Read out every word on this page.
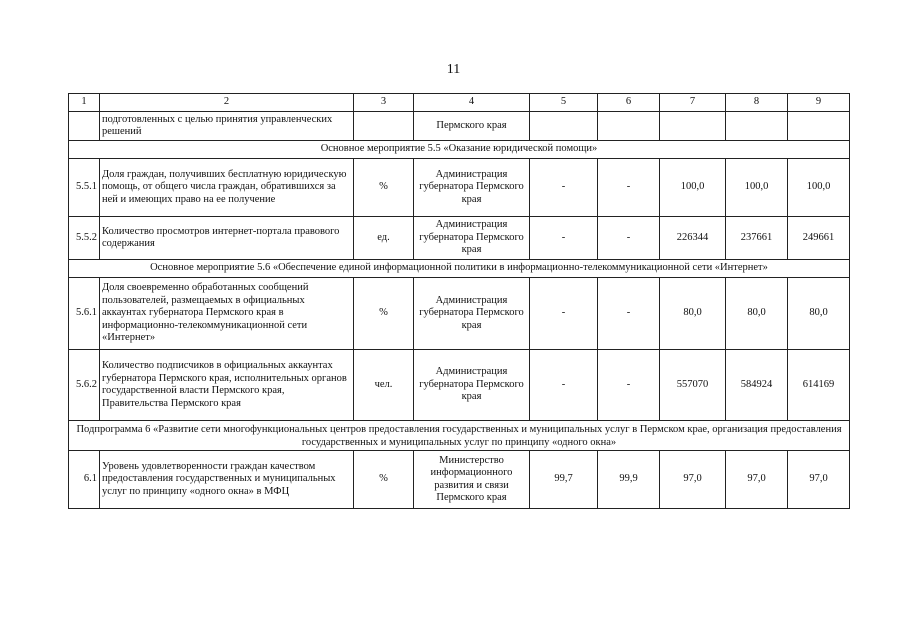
11
1	2	3	4	5	6	7	8	9
	подготовленных с целью принятия управленческих решений		Пермского края					
Основное мероприятие 5.5 «Оказание юридической помощи»								
5.5.1	Доля граждан, получивших бесплатную юридическую помощь, от общего числа граждан, обратившихся за ней и имеющих право на ее получение	%	Администрация губернатора Пермского края	-	-	100,0	100,0	100,0
5.5.2	Количество просмотров интернет-портала правового содержания	ед.	Администрация губернатора Пермского края	-	-	226344	237661	249661
Основное мероприятие 5.6 «Обеспечение единой информационной политики в информационно-телекоммуникационной сети «Интернет»								
5.6.1	Доля своевременно обработанных сообщений пользователей, размещаемых в официальных аккаунтах губернатора Пермского края в информационно-телекоммуникационной сети «Интернет»	%	Администрация губернатора Пермского края	-	-	80,0	80,0	80,0
5.6.2	Количество подписчиков в официальных аккаунтах губернатора Пермского края, исполнительных органов государственной власти Пермского края, Правительства Пермского края	чел.	Администрация губернатора Пермского края	-	-	557070	584924	614169
Подпрограмма 6 «Развитие сети многофункциональных центров предоставления государственных и муниципальных услуг в Пермском крае, организация предоставления государственных и муниципальных услуг по принципу «одного окна»								
6.1	Уровень удовлетворенности граждан качеством предоставления государственных и муниципальных услуг по принципу «одного окна» в МФЦ	%	Министерство информационного развития и связи Пермского края	99,7	99,9	97,0	97,0	97,0
